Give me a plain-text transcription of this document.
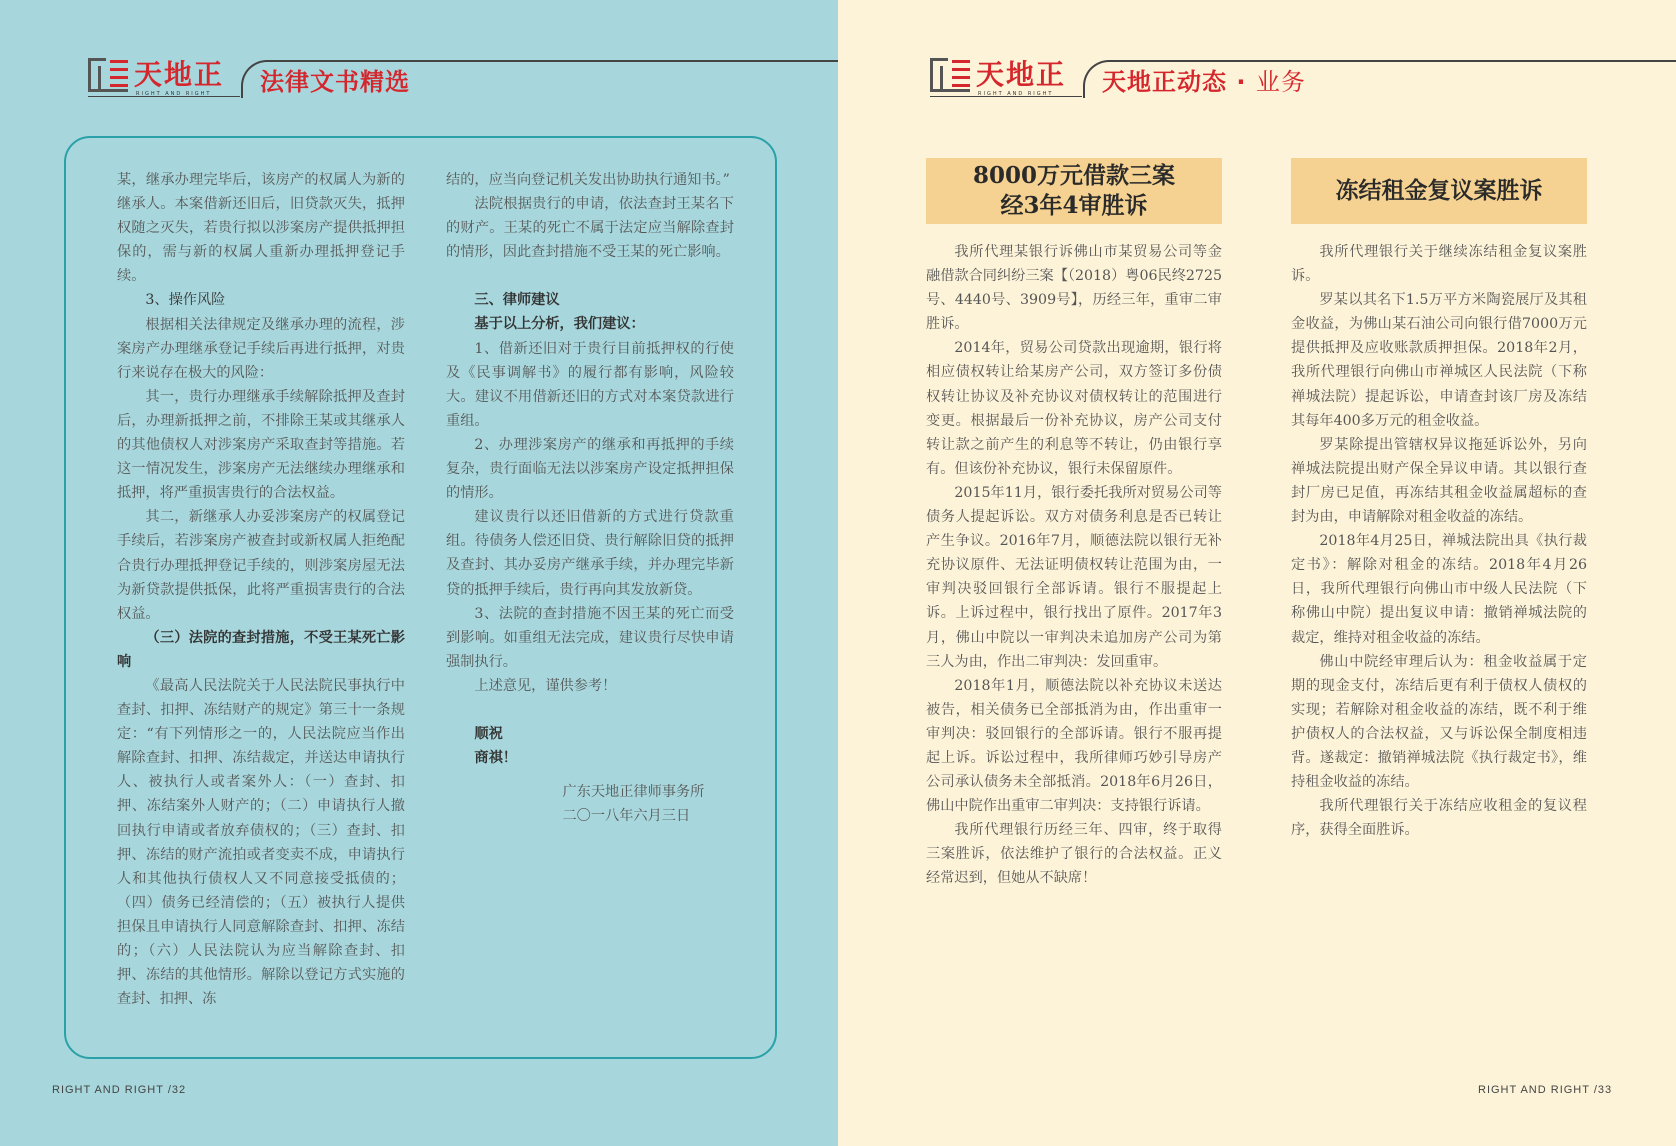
天地正
RIGHT AND RIGHT 法律文书精选

某，继承办理完毕后，该房产的权属人为新的继承人。本案借新还旧后，旧贷款灭失，抵押权随之灭失，若贵行拟以涉案房产提供抵押担保的，需与新的权属人重新办理抵押登记手续。

3、操作风险

根据相关法律规定及继承办理的流程，涉案房产办理继承登记手续后再进行抵押，对贵行来说存在极大的风险：

其一，贵行办理继承手续解除抵押及查封后，办理新抵押之前，不排除王某或其继承人的其他债权人对涉案房产采取查封等措施。若这一情况发生，涉案房产无法继续办理继承和抵押，将严重损害贵行的合法权益。

其二，新继承人办妥涉案房产的权属登记手续后，若涉案房产被查封或新权属人拒绝配合贵行办理抵押登记手续的，则涉案房屋无法为新贷款提供抵保，此将严重损害贵行的合法权益。

（三）法院的查封措施，不受王某死亡影响

《最高人民法院关于人民法院民事执行中查封、扣押、冻结财产的规定》第三十一条规定：“有下列情形之一的，人民法院应当作出解除查封、扣押、冻结裁定，并送达申请执行人、被执行人或者案外人：（一）查封、扣押、冻结案外人财产的；（二）申请执行人撤回执行申请或者放弃债权的；（三）查封、扣押、冻结的财产流拍或者变卖不成，申请执行人和其他执行债权人又不同意接受抵债的；（四）债务已经清偿的；（五）被执行人提供担保且申请执行人同意解除查封、扣押、冻结的；（六）人民法院认为应当解除查封、扣押、冻结的其他情形。解除以登记方式实施的查封、扣押、冻

结的，应当向登记机关发出协助执行通知书。”

法院根据贵行的申请，依法查封王某名下的财产。王某的死亡不属于法定应当解除查封的情形，因此查封措施不受王某的死亡影响。

三、律师建议

基于以上分析，我们建议：

1、借新还旧对于贵行目前抵押权的行使及《民事调解书》的履行都有影响，风险较大。建议不用借新还旧的方式对本案贷款进行重组。

2、办理涉案房产的继承和再抵押的手续复杂，贵行面临无法以涉案房产设定抵押担保的情形。

建议贵行以还旧借新的方式进行贷款重组。待债务人偿还旧贷、贵行解除旧贷的抵押及查封、其办妥房产继承手续，并办理完毕新贷的抵押手续后，贵行再向其发放新贷。

3、法院的查封措施不因王某的死亡而受到影响。如重组无法完成，建议贵行尽快申请强制执行。

上述意见，谨供参考！

顺祝

商祺！

广东天地正律师事务所

二〇一八年六月三日

RIGHT AND RIGHT /32
天地正
RIGHT AND RIGHT 天地正动态 · 业务
8000万元借款三案
经3年4审胜诉
冻结租金复议案胜诉

我所代理某银行诉佛山市某贸易公司等金融借款合同纠纷三案【（2018）粤06民终2725号、4440号、3909号】，历经三年，重审二审胜诉。

2014年，贸易公司贷款出现逾期，银行将相应债权转让给某房产公司，双方签订多份债权转让协议及补充协议对债权转让的范围进行变更。根据最后一份补充协议，房产公司支付转让款之前产生的利息等不转让，仍由银行享有。但该份补充协议，银行未保留原件。

2015年11月，银行委托我所对贸易公司等债务人提起诉讼。双方对债务利息是否已转让产生争议。2016年7月，顺德法院以银行无补充协议原件、无法证明债权转让范围为由，一审判决驳回银行全部诉请。银行不服提起上诉。上诉过程中，银行找出了原件。2017年3月，佛山中院以一审判决未追加房产公司为第三人为由，作出二审判决：发回重审。

2018年1月，顺德法院以补充协议未送达被告，相关债务已全部抵消为由，作出重审一审判决：驳回银行的全部诉请。银行不服再提起上诉。诉讼过程中，我所律师巧妙引导房产公司承认债务未全部抵消。2018年6月26日，佛山中院作出重审二审判决：支持银行诉请。

我所代理银行历经三年、四审，终于取得三案胜诉，依法维护了银行的合法权益。正义经常迟到，但她从不缺席！

我所代理银行关于继续冻结租金复议案胜诉。

罗某以其名下1.5万平方米陶瓷展厅及其租金收益，为佛山某石油公司向银行借7000万元提供抵押及应收账款质押担保。2018年2月，我所代理银行向佛山市禅城区人民法院（下称禅城法院）提起诉讼，申请查封该厂房及冻结其每年400多万元的租金收益。

罗某除提出管辖权异议拖延诉讼外，另向禅城法院提出财产保全异议申请。其以银行查封厂房已足值，再冻结其租金收益属超标的查封为由，申请解除对租金收益的冻结。

2018年4月25日，禅城法院出具《执行裁定书》：解除对租金的冻结。2018年4月26日，我所代理银行向佛山市中级人民法院（下称佛山中院）提出复议申请：撤销禅城法院的裁定，维持对租金收益的冻结。

佛山中院经审理后认为：租金收益属于定期的现金支付，冻结后更有利于债权人债权的实现；若解除对租金收益的冻结，既不利于维护债权人的合法权益，又与诉讼保全制度相违背。遂裁定：撤销禅城法院《执行裁定书》，维持租金收益的冻结。

我所代理银行关于冻结应收租金的复议程序，获得全面胜诉。

RIGHT AND RIGHT /33
